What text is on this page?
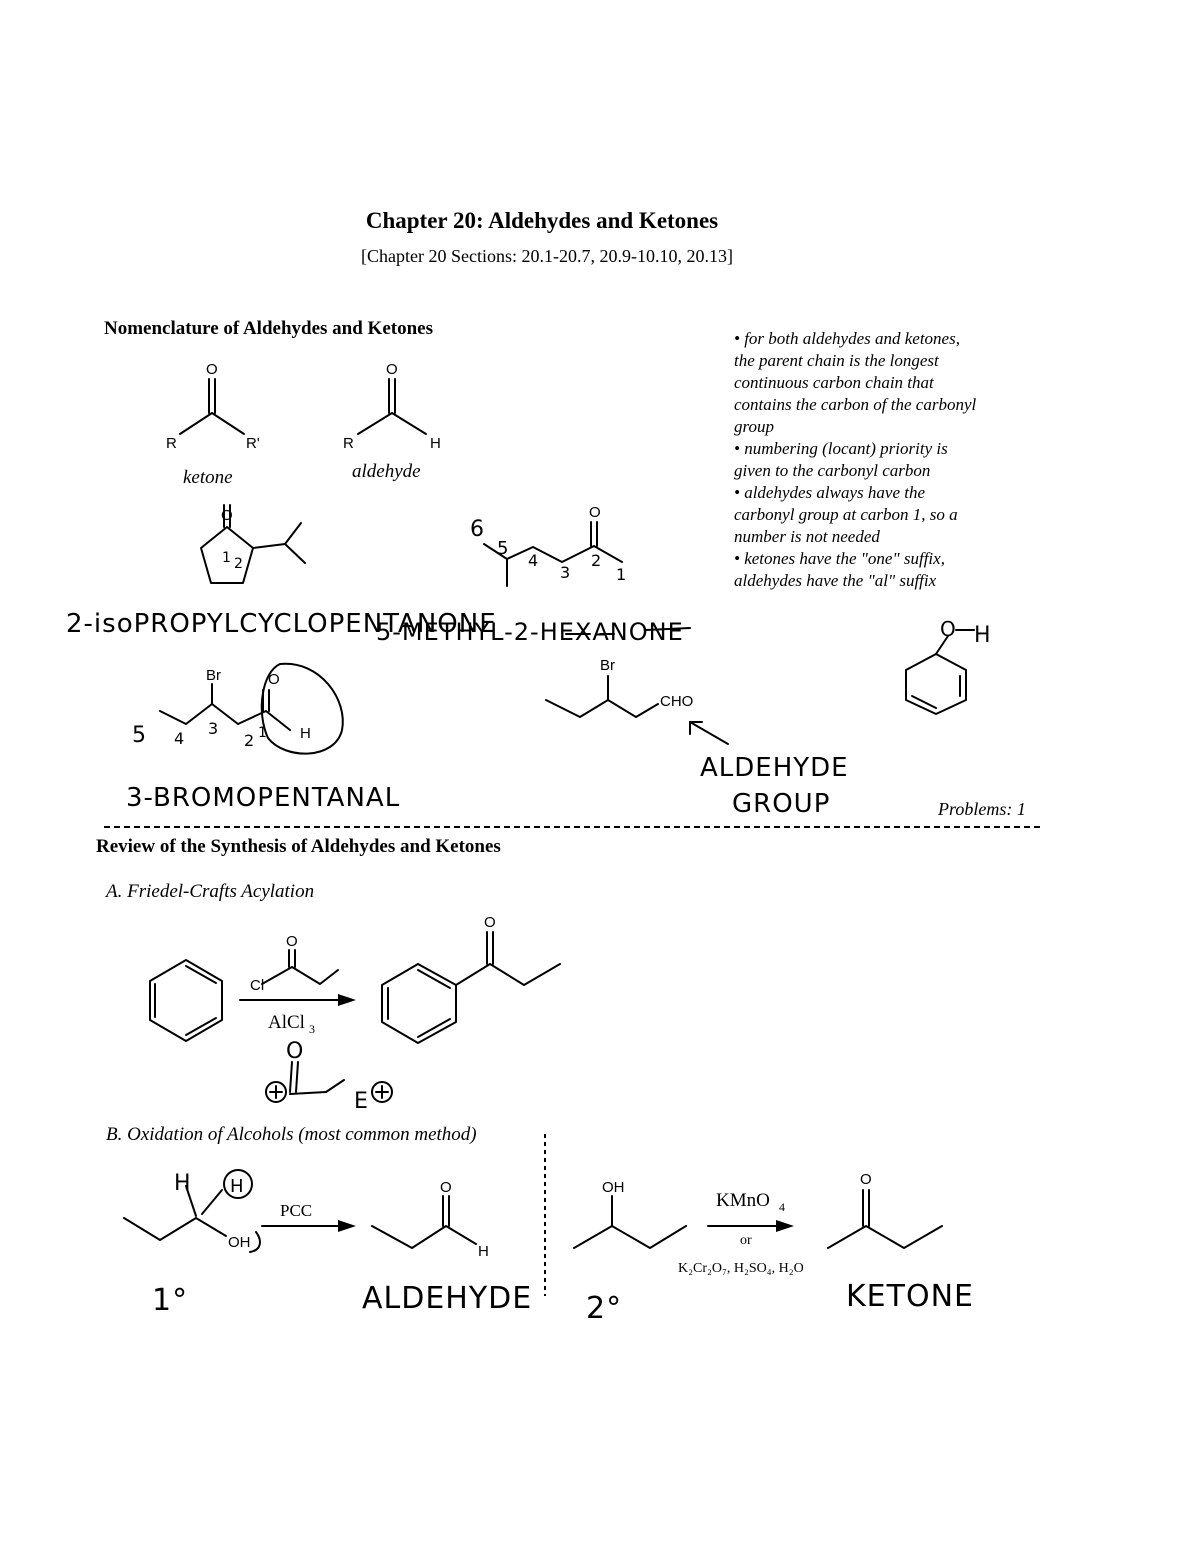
Chapter 20: Aldehydes and Ketones
[Chapter 20 Sections: 20.1-20.7, 20.9-10.10, 20.13]
Nomenclature of Aldehydes and Ketones	• for both aldehydes and ketones,
the parent chain is the longest
continuous carbon chain that
contains the carbon of the carbonyl
group
• numbering (locant) priority is
given to the carbonyl carbon
• aldehydes always have the
carbonyl group at carbon 1, so a
number is not needed
• ketones have the "one" suffix,
aldehydes have the "al" suffix
ketone	aldehyde
Problems: 1
Review of the Synthesis of Aldehydes and Ketones
A. Friedel-Crafts Acylation
B. Oxidation of Alcohols (most common method)
O
R	R'
O
R	H
O
1 2
O
6
5
4
3
2
1
2-isoPROPYLCYCLOPENTANONE
5-METHYL-2-HEXANONE
Br	O
H
5 4
3
2 1
3-BROMOPENTANAL
Br
CHO
ALDEHYDE
GROUP
O H
O
Cl
AlCl 3
O
O
E
OH
H H
PCC
O
H
OH
KMnO 4
or
K₂Cr₂O₇, H₂SO₄, H₂O
O
1°	ALDEHYDE 2°	KETONE
